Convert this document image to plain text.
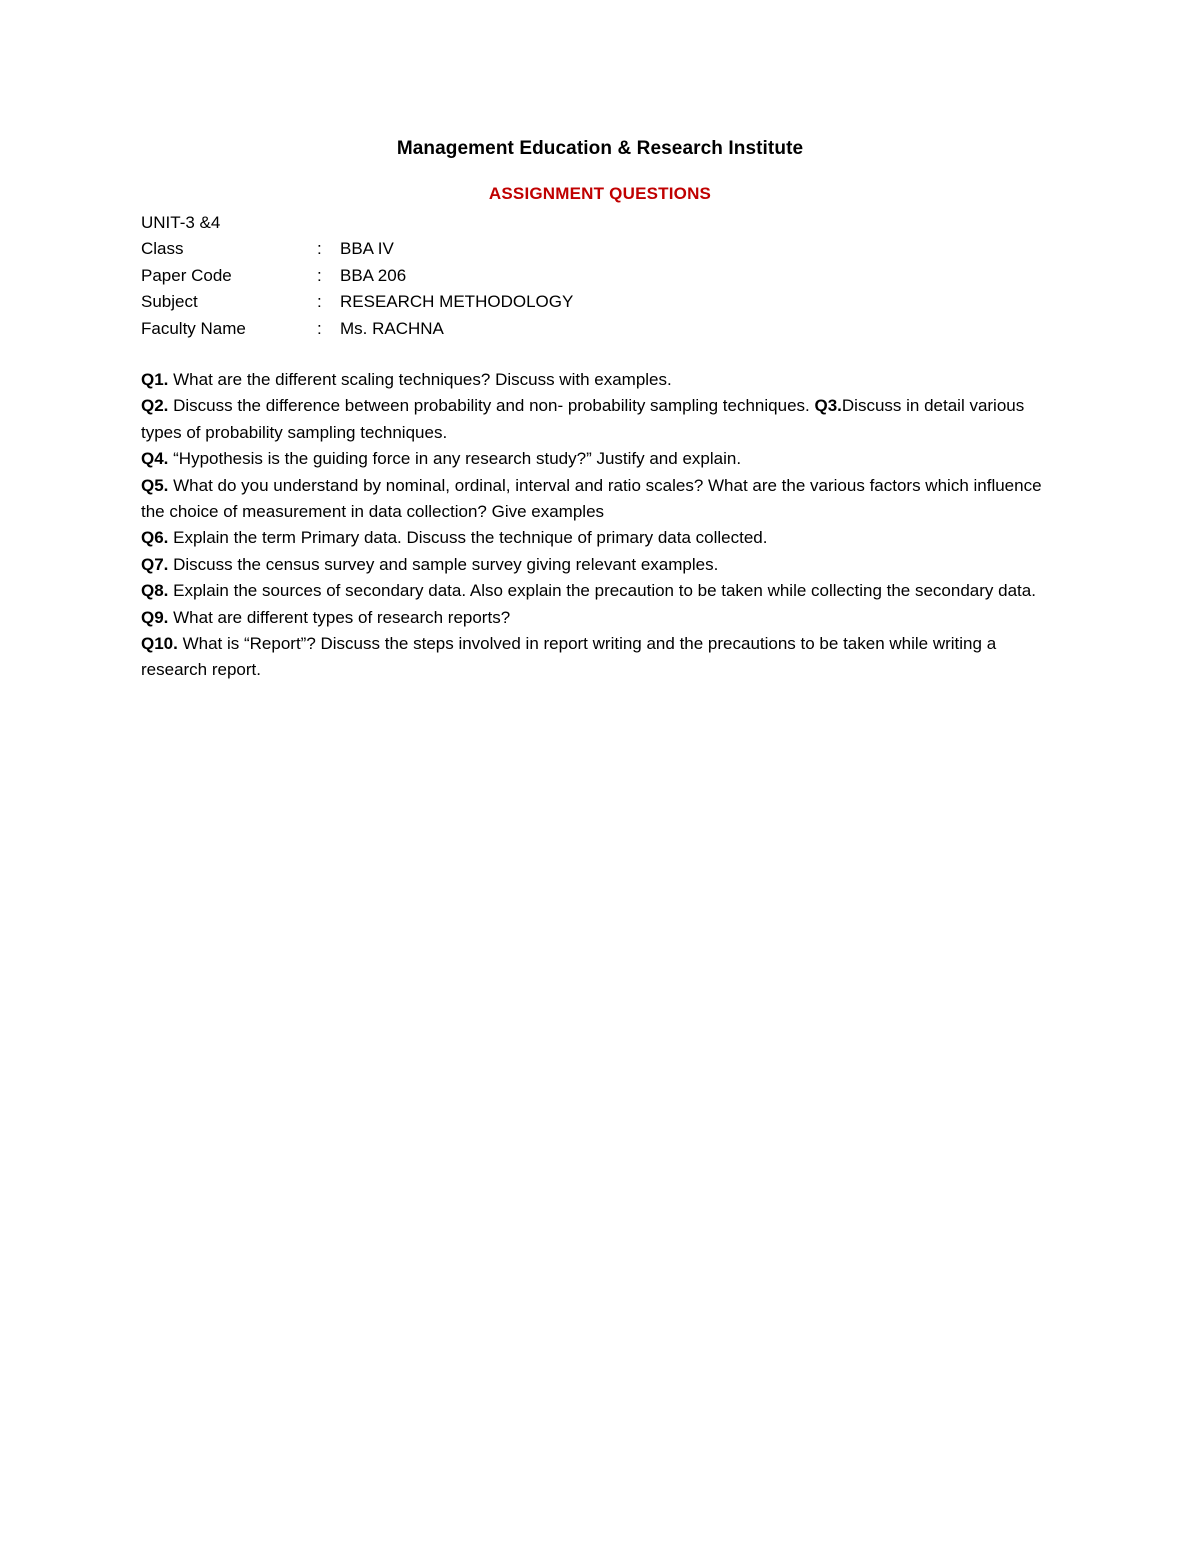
Management Education & Research Institute
ASSIGNMENT QUESTIONS
UNIT-3 &4
Class	: BBA IV
Paper Code	: BBA 206
Subject	: RESEARCH METHODOLOGY
Faculty Name	: Ms. RACHNA

Q1. What are the different scaling techniques? Discuss with examples.

Q2. Discuss the difference between probability and non- probability sampling techniques. Q3.Discuss in detail various types of probability sampling techniques.

Q4. “Hypothesis is the guiding force in any research study?” Justify and explain.

Q5. What do you understand by nominal, ordinal, interval and ratio scales? What are the various factors which influence the choice of measurement in data collection? Give examples

Q6. Explain the term Primary data. Discuss the technique of primary data collected.

Q7. Discuss the census survey and sample survey giving relevant examples.

Q8. Explain the sources of secondary data. Also explain the precaution to be taken while collecting the secondary data.

Q9. What are different types of research reports?

Q10. What is “Report”? Discuss the steps involved in report writing and the precautions to be taken while writing a research report.
